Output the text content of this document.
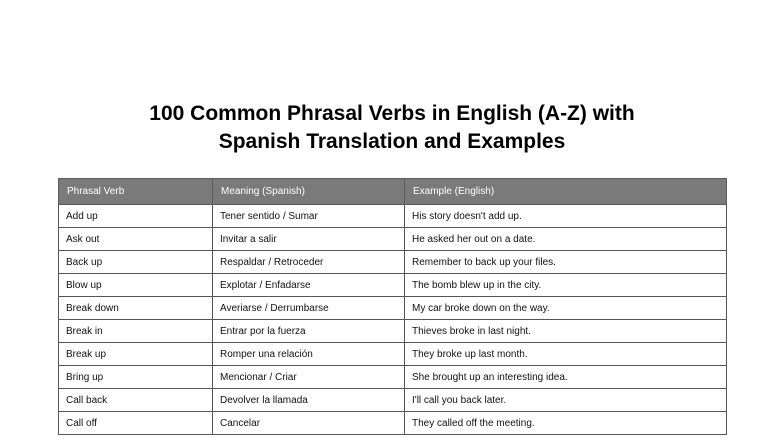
100 Common Phrasal Verbs in English (A-Z) with
Spanish Translation and Examples
Phrasal Verb	Meaning (Spanish)	Example (English)
Add up	Tener sentido / Sumar	His story doesn't add up.
Ask out	Invitar a salir	He asked her out on a date.
Back up	Respaldar / Retroceder	Remember to back up your files.
Blow up	Explotar / Enfadarse	The bomb blew up in the city.
Break down	Averiarse / Derrumbarse	My car broke down on the way.
Break in	Entrar por la fuerza	Thieves broke in last night.
Break up	Romper una relación	They broke up last month.
Bring up	Mencionar / Criar	She brought up an interesting idea.
Call back	Devolver la llamada	I'll call you back later.
Call off	Cancelar	They called off the meeting.
